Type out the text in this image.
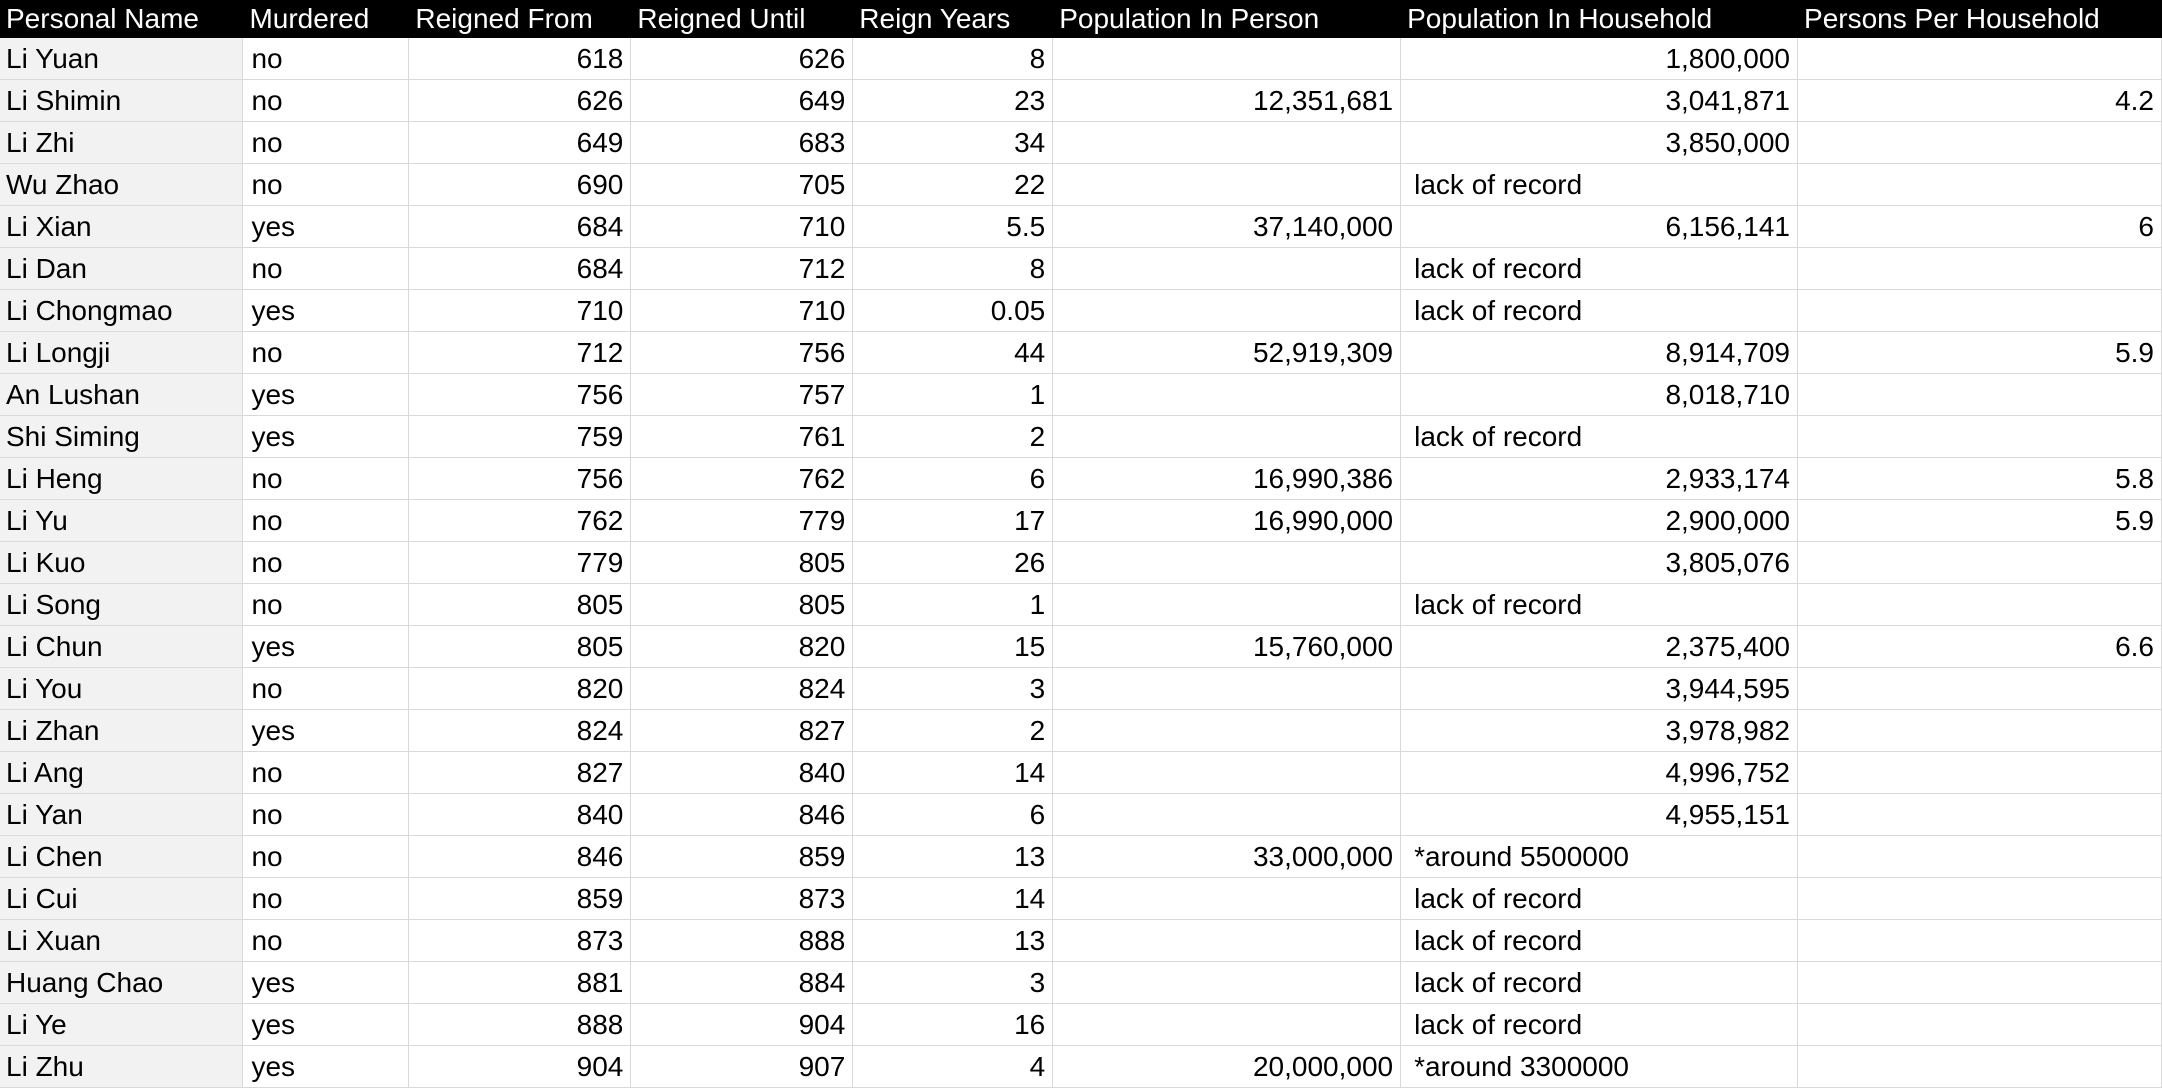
Personal Name	Murdered	Reigned From	Reigned Until	Reign Years	Population In Person	Population In Household	Persons Per Household
Li Yuan	no	618	626	8		1,800,000	
Li Shimin	no	626	649	23	12,351,681	3,041,871	4.2
Li Zhi	no	649	683	34		3,850,000	
Wu Zhao	no	690	705	22		lack of record	
Li Xian	yes	684	710	5.5	37,140,000	6,156,141	6
Li Dan	no	684	712	8		lack of record	
Li Chongmao	yes	710	710	0.05		lack of record	
Li Longji	no	712	756	44	52,919,309	8,914,709	5.9
An Lushan	yes	756	757	1		8,018,710	
Shi Siming	yes	759	761	2		lack of record	
Li Heng	no	756	762	6	16,990,386	2,933,174	5.8
Li Yu	no	762	779	17	16,990,000	2,900,000	5.9
Li Kuo	no	779	805	26		3,805,076	
Li Song	no	805	805	1		lack of record	
Li Chun	yes	805	820	15	15,760,000	2,375,400	6.6
Li You	no	820	824	3		3,944,595	
Li Zhan	yes	824	827	2		3,978,982	
Li Ang	no	827	840	14		4,996,752	
Li Yan	no	840	846	6		4,955,151	
Li Chen	no	846	859	13	33,000,000	*around 5500000	
Li Cui	no	859	873	14		lack of record	
Li Xuan	no	873	888	13		lack of record	
Huang Chao	yes	881	884	3		lack of record	
Li Ye	yes	888	904	16		lack of record	
Li Zhu	yes	904	907	4	20,000,000	*around 3300000	
